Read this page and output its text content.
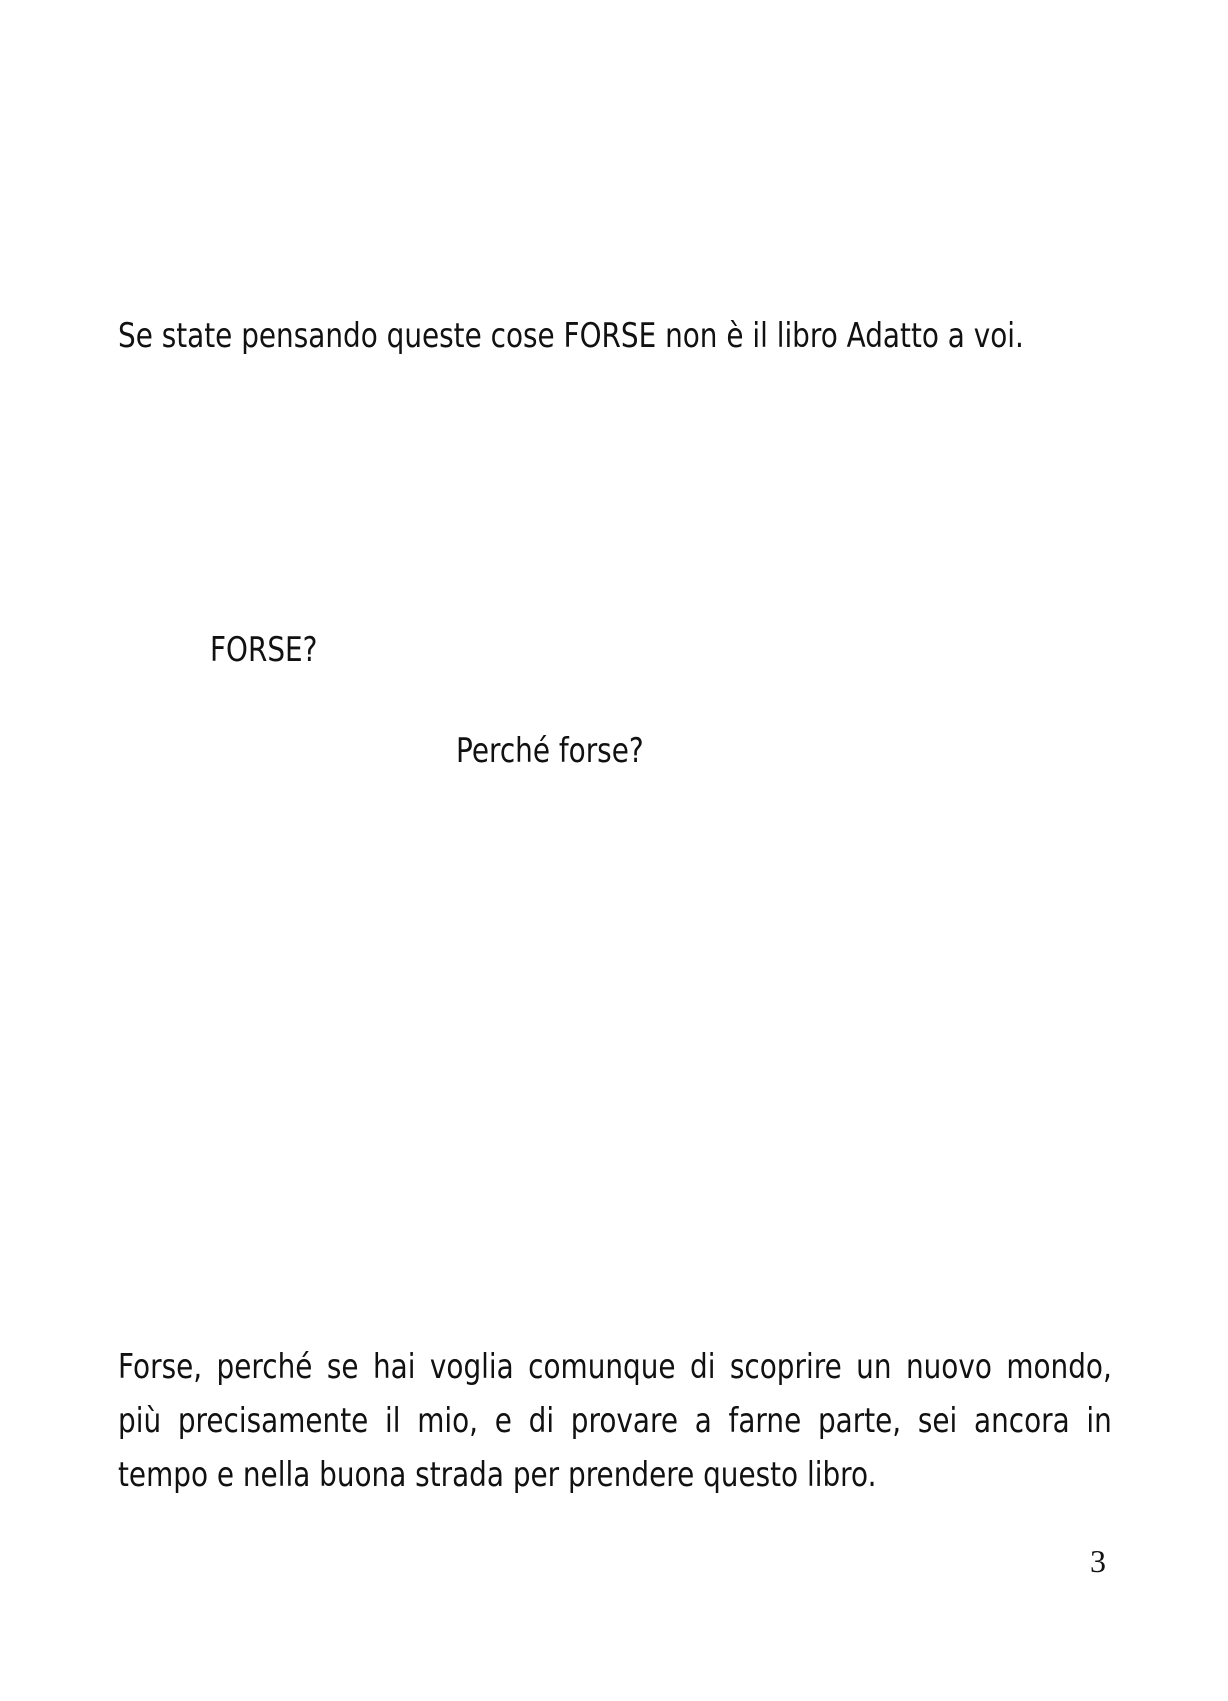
Se state pensando queste cose FORSE non è il libro Adatto a voi.
FORSE?
Perché forse?
Forse, perché se hai voglia comunque di scoprire un nuovo mondo,
più precisamente il mio, e di provare a farne parte, sei ancora in
tempo e nella buona strada per prendere questo libro.
3
